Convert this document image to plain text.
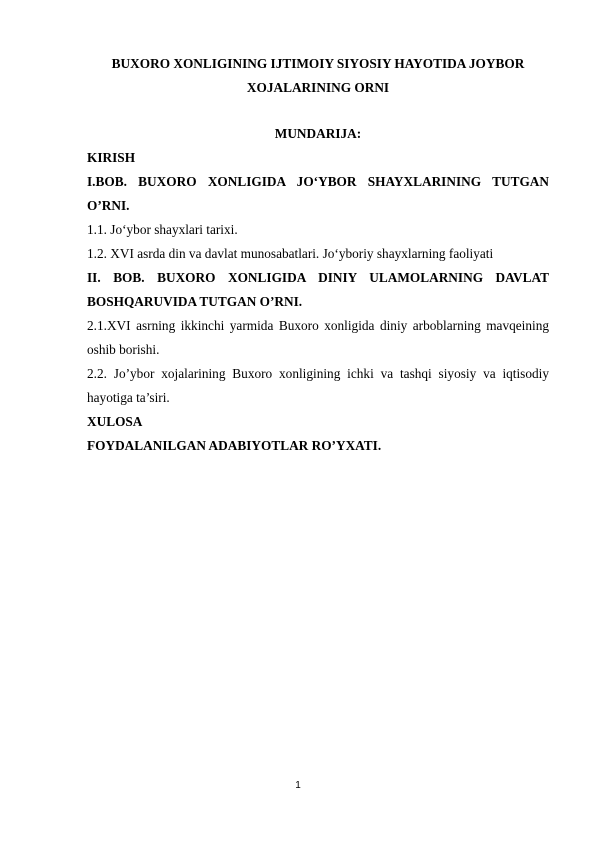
BUXORO XONLIGINING IJTIMOIY SIYOSIY HAYOTIDA JOYBOR
XOJALARINING ORNI
MUNDARIJA:
KIRISH
I.BOB. BUXORO XONLIGIDA JO‘YBOR SHAYXLARINING TUTGAN O’RNI.
1.1. Jo‘ybor shayxlari tarixi.
1.2. XVI asrda din va davlat munosabatlari. Jo‘yboriy shayxlarning faoliyati
II. BOB. BUXORO XONLIGIDA DINIY ULAMOLARNING DAVLAT BOSHQARUVIDA TUTGAN O’RNI.
2.1.XVI asrning ikkinchi yarmida Buxoro xonligida diniy arboblarning mavqeining oshib borishi.
2.2. Jo’ybor xojalarining Buxoro xonligining ichki va tashqi siyosiy va iqtisodiy hayotiga ta’siri.
XULOSA
FOYDALANILGAN ADABIYOTLAR RO’YXATI.
1
